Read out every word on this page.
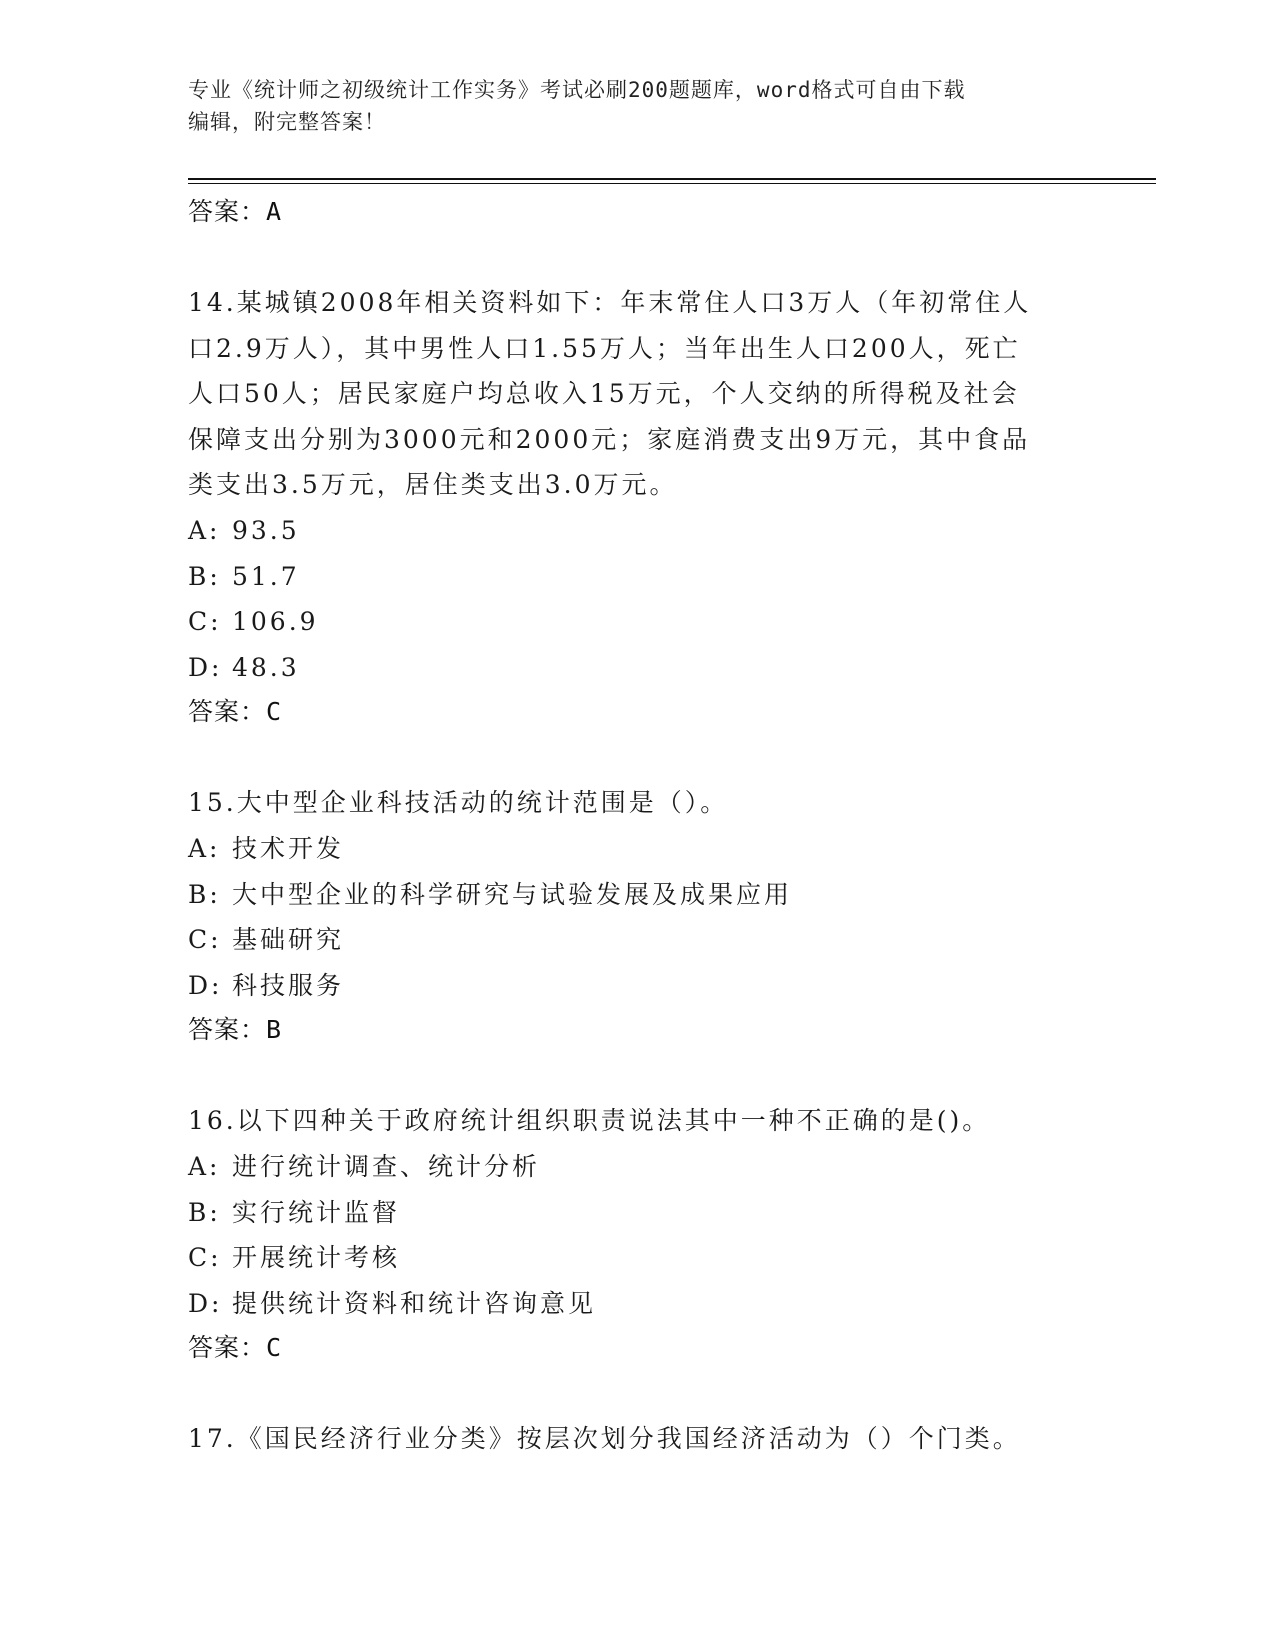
专业《统计师之初级统计工作实务》考试必刷200题题库，word格式可自由下载
编辑，附完整答案！
答案：A
14.某城镇2008年相关资料如下：年末常住人口3万人（年初常住人
口2.9万人），其中男性人口1.55万人；当年出生人口200人，死亡
人口50人；居民家庭户均总收入15万元，个人交纳的所得税及社会
保障支出分别为3000元和2000元；家庭消费支出9万元，其中食品
类支出3.5万元，居住类支出3.0万元。
A: 93.5
B: 51.7
C: 106.9
D: 48.3
答案：C
15.大中型企业科技活动的统计范围是（）。
A: 技术开发
B: 大中型企业的科学研究与试验发展及成果应用
C: 基础研究
D: 科技服务
答案：B
16.以下四种关于政府统计组织职责说法其中一种不正确的是()。
A: 进行统计调查、统计分析
B: 实行统计监督
C: 开展统计考核
D: 提供统计资料和统计咨询意见
答案：C
17.《国民经济行业分类》按层次划分我国经济活动为（）个门类。
